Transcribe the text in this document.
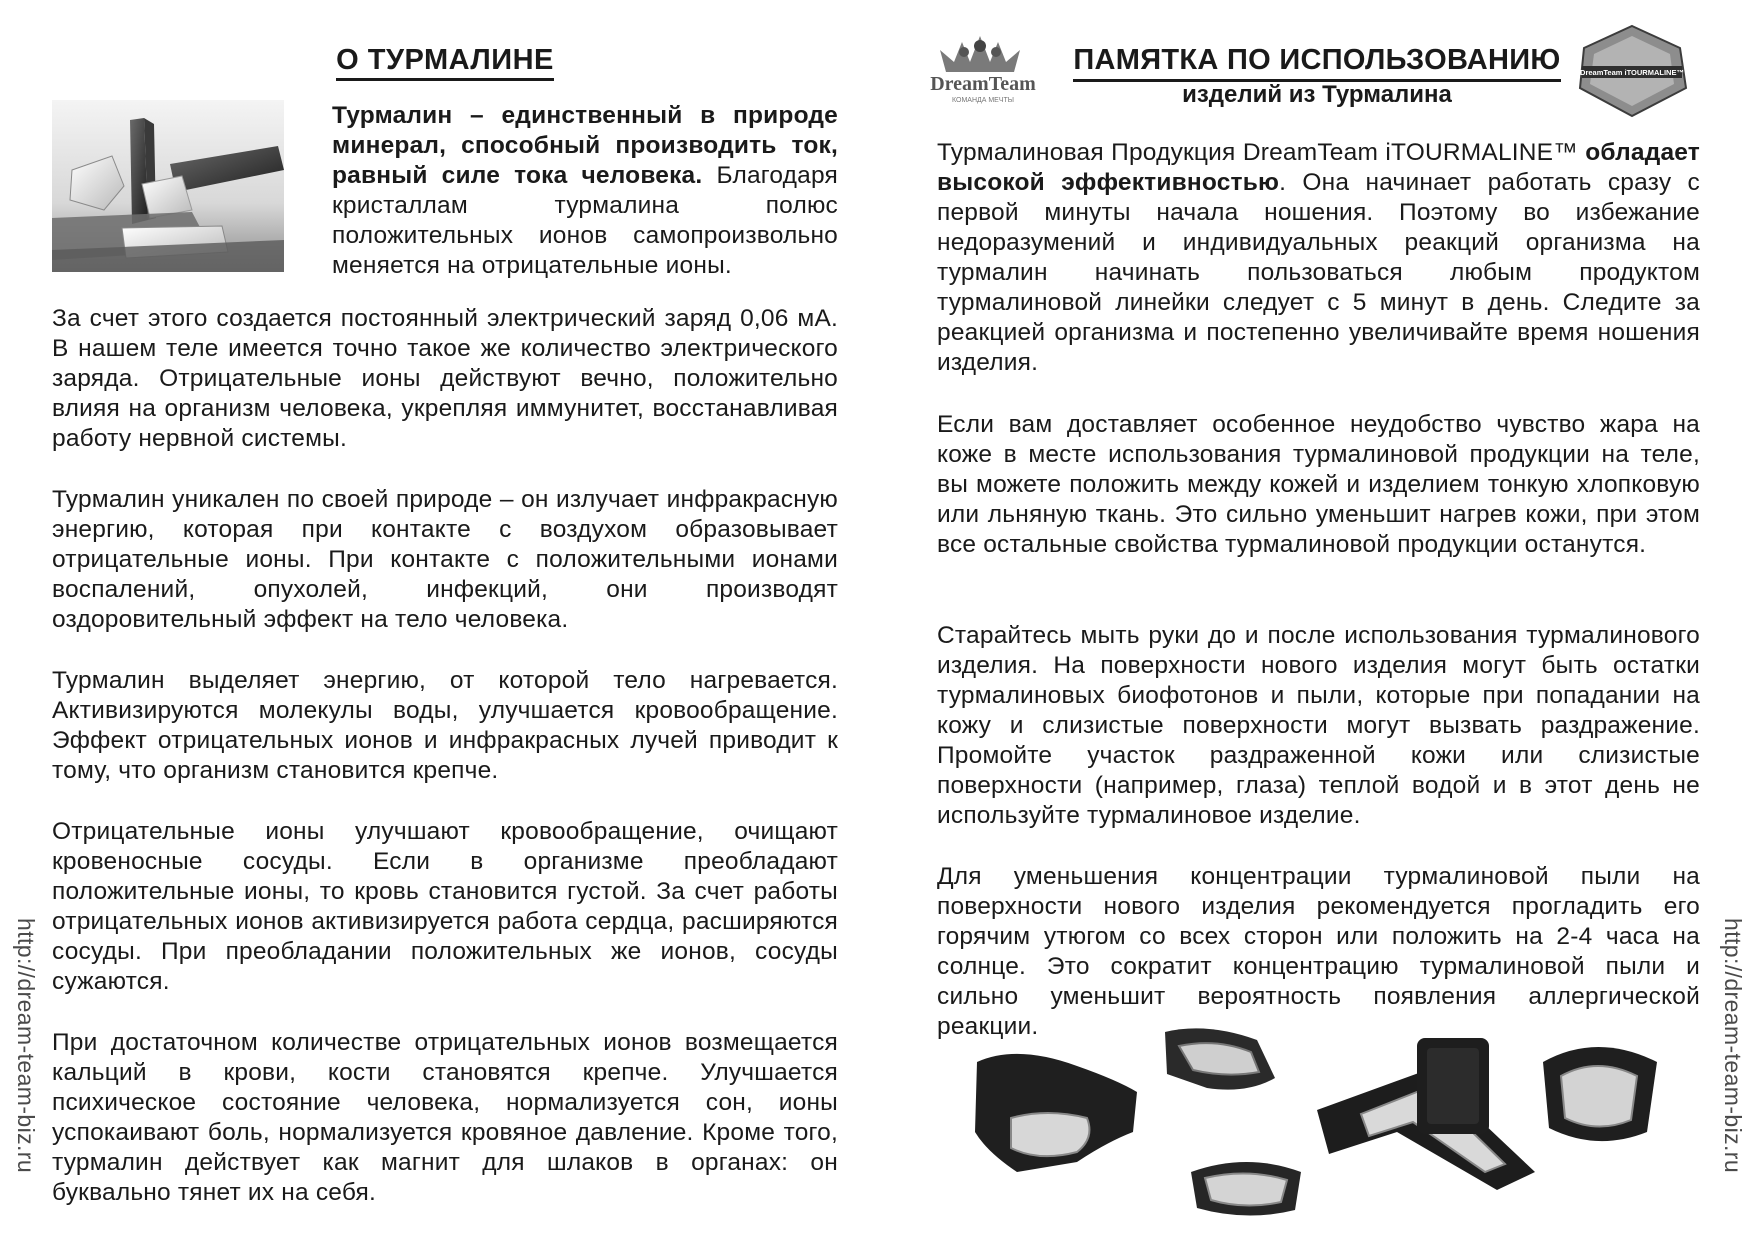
О ТУРМАЛИНЕ

Турмалин – единственный в природе минерал, способный производить ток, равный силе тока человека. Благодаря кристаллам турмалина полюс положительных ионов самопроизвольно меняется на отрицательные ионы.

За счет этого создается постоянный электрический заряд 0,06 мА. В нашем теле имеется точно такое же количество электрического заряда. Отрицательные ионы действуют вечно, положительно влияя на организм человека, укрепляя иммунитет, восстанавливая работу нервной системы.

Турмалин уникален по своей природе – он излучает инфракрасную энергию, которая при контакте с воздухом образовывает отрицательные ионы. При контакте с положительными ионами воспалений, опухолей, инфекций, они производят оздоровительный эффект на тело человека.

Турмалин выделяет энергию, от которой тело нагревается. Активизируются молекулы воды, улучшается кровообращение. Эффект отрицательных ионов и инфракрасных лучей приводит к тому, что организм становится крепче.

Отрицательные ионы улучшают кровообращение, очищают кровеносные сосуды. Если в организме преобладают положительные ионы, то кровь становится густой. За счет работы отрицательных ионов активизируется работа сердца, расширяются сосуды. При преобладании положительных же ионов, сосуды сужаются.

При достаточном количестве отрицательных ионов возмещается кальций в крови, кости становятся крепче. Улучшается психическое состояние человека, нормализуется сон, ионы успокаивают боль, нормализуется кровяное давление. Кроме того, турмалин действует как магнит для шлаков в органах: он буквально тянет их на себя.

DreamTeam
КОМАНДА МЕЧТЫ
ПАМЯТКА ПО ИСПОЛЬЗОВАНИЮ
изделий из Турмалина
DreamTeam iTOURMALINE™

Турмалиновая Продукция DreamTeam iTOURMALINE™ обладает высокой эффективностью. Она начинает работать сразу с первой минуты начала ношения. Поэтому во избежание недоразумений и индивидуальных реакций организма на турмалин начинать пользоваться любым продуктом турмалиновой линейки следует с 5 минут в день. Следите за реакцией организма и постепенно увеличивайте время ношения изделия.

Если вам доставляет особенное неудобство чувство жара на коже в месте использования турмалиновой продукции на теле, вы можете положить между кожей и изделием тонкую хлопковую или льняную ткань. Это сильно уменьшит нагрев кожи, при этом все остальные свойства турмалиновой продукции останутся.

Старайтесь мыть руки до и после использования турмалинового изделия. На поверхности нового изделия могут быть остатки турмалиновых биофотонов и пыли, которые при попадании на кожу и слизистые поверхности могут вызвать раздражение. Промойте участок раздраженной кожи или слизистые поверхности (например, глаза) теплой водой и в этот день не используйте турмалиновое изделие.

Для уменьшения концентрации турмалиновой пыли на поверхности нового изделия рекомендуется прогладить его горячим утюгом со всех сторон или положить на 2-4 часа на солнце. Это сократит концентрацию турмалиновой пыли и сильно уменьшит вероятность появления аллергической реакции.

http://dream-team-biz.ru	http://dream-team-biz.ru
